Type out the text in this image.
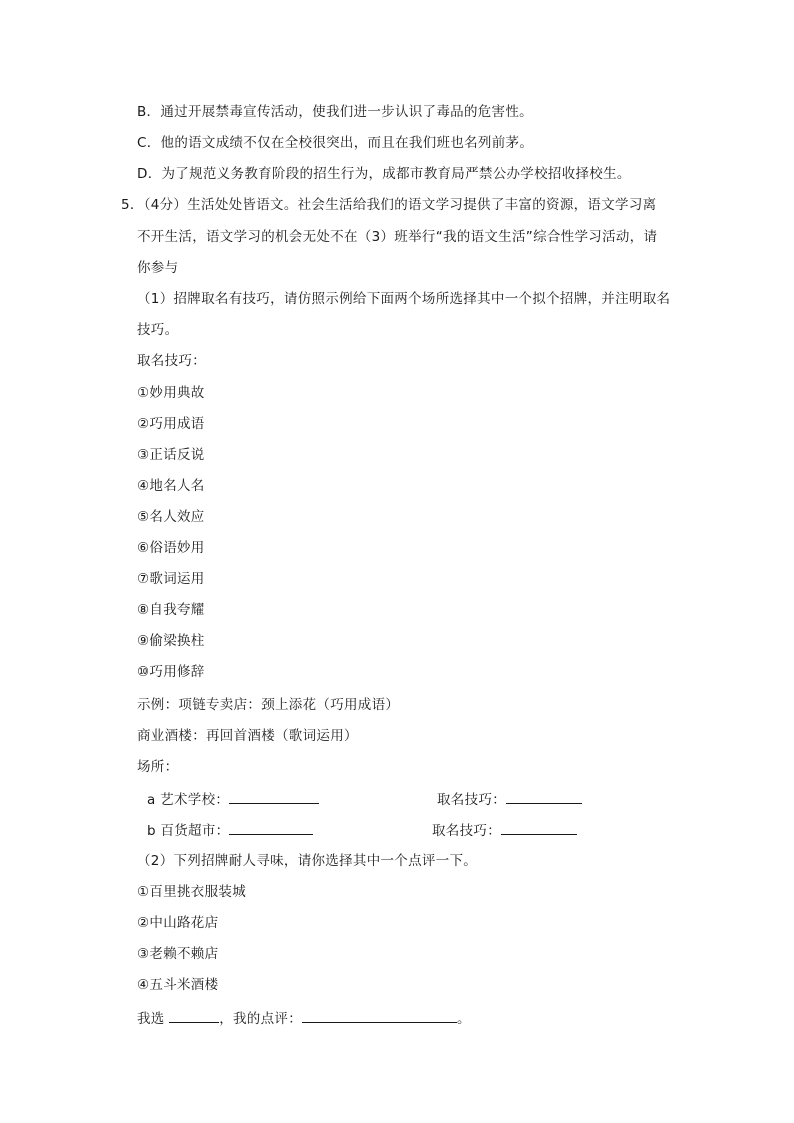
B．通过开展禁毒宣传活动，使我们进一步认识了毒品的危害性。
C．他的语文成绩不仅在全校很突出，而且在我们班也名列前茅。
D．为了规范义务教育阶段的招生行为，成都市教育局严禁公办学校招收择校生。
5．（4分）生活处处皆语文。社会生活给我们的语文学习提供了丰富的资源，语文学习离
不开生活，语文学习的机会无处不在（3）班举行“我的语文生活”综合性学习活动，请
你参与
（1）招牌取名有技巧，请仿照示例给下面两个场所选择其中一个拟个招牌，并注明取名
技巧。
取名技巧：
①妙用典故
②巧用成语
③正话反说
④地名人名
⑤名人效应
⑥俗语妙用
⑦歌词运用
⑧自我夸耀
⑨偷梁换柱
⑩巧用修辞
示例：项链专卖店：颈上添花（巧用成语）
商业酒楼：再回首酒楼（歌词运用）
场所：
a 艺术学校：	取名技巧：
b 百货超市：	取名技巧：
（2）下列招牌耐人寻味，请你选择其中一个点评一下。
①百里挑衣服装城
②中山路花店
③老赖不赖店
④五斗米酒楼
我选	，我的点评：	。
